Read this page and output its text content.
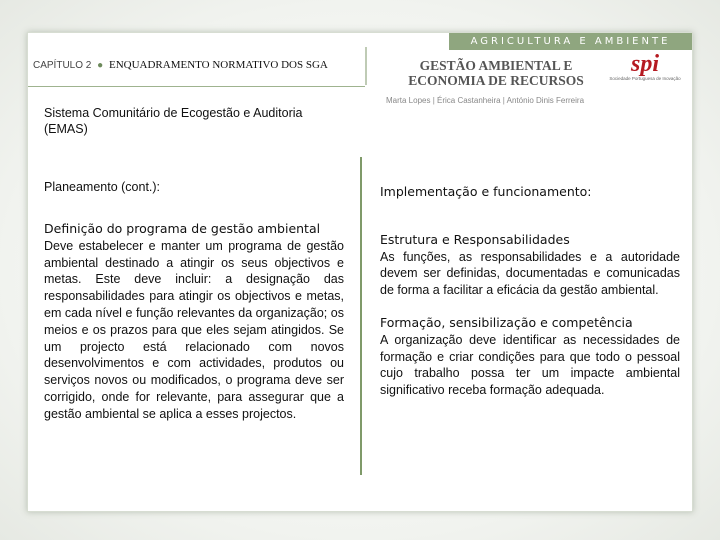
AGRICULTURA E AMBIENTE
CAPÍTULO 2 ● ENQUADRAMENTO NORMATIVO DOS SGA	GESTÃO AMBIENTAL E ECONOMIA DE RECURSOS
spi
Sociedade Portuguesa de Inovação
Marta Lopes | Érica Castanheira | António Dinis Ferreira
Sistema Comunitário de Ecogestão e Auditoria (EMAS)
Planeamento (cont.):
Definição do programa de gestão ambiental
Deve estabelecer e manter um programa de gestão ambiental destinado a atingir os seus objectivos e metas. Este deve incluir: a designação das responsabilidades para atingir os objectivos e metas, em cada nível e função relevantes da organização; os meios e os prazos para que eles sejam atingidos. Se um projecto está relacionado com novos desenvolvimentos e com actividades, produtos ou serviços novos ou modificados, o programa deve ser corrigido, onde for relevante, para assegurar que a gestão ambiental se aplica a esses projectos.
Implementação e funcionamento:
Estrutura e Responsabilidades
As funções, as responsabilidades e a autoridade devem ser definidas, documentadas e comunicadas de forma a facilitar a eficácia da gestão ambiental.
Formação, sensibilização e competência
A organização deve identificar as necessidades de formação e criar condições para que todo o pessoal cujo trabalho possa ter um impacte ambiental significativo receba formação adequada.
